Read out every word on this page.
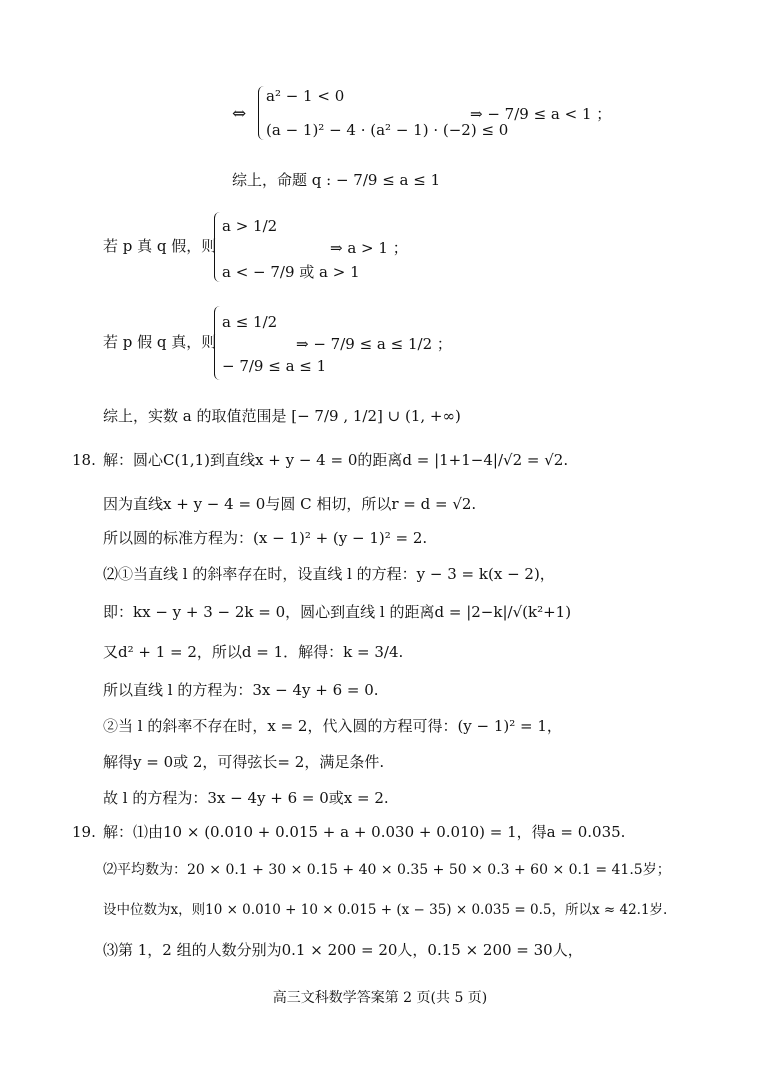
⇔
a² − 1 < 0
(a − 1)² − 4 · (a² − 1) · (−2) ≤ 0
⇒ − 7/9 ≤ a < 1 ；
综上，命题 q : − 7/9 ≤ a ≤ 1
若 p 真 q 假，则
a > 1/2
a < − 7/9 或 a > 1
⇒ a > 1 ；
若 p 假 q 真，则
a ≤ 1/2
− 7/9 ≤ a ≤ 1
⇒ − 7/9 ≤ a ≤ 1/2 ；
综上，实数 a 的取值范围是 [− 7/9 , 1/2] ∪ (1, +∞)
18. 解：圆心C(1,1)到直线x + y − 4 = 0的距离d = |1+1−4|/√2 = √2.
因为直线x + y − 4 = 0与圆 C 相切，所以r = d = √2.
所以圆的标准方程为：(x − 1)² + (y − 1)² = 2.
⑵①当直线 l 的斜率存在时，设直线 l 的方程：y − 3 = k(x − 2)，
即：kx − y + 3 − 2k = 0，圆心到直线 l 的距离d = |2−k|/√(k²+1)
又d² + 1 = 2，所以d = 1．解得：k = 3/4.
所以直线 l 的方程为：3x − 4y + 6 = 0.
②当 l 的斜率不存在时，x = 2，代入圆的方程可得：(y − 1)² = 1，
解得y = 0或 2，可得弦长= 2，满足条件.
故 l 的方程为：3x − 4y + 6 = 0或x = 2.
19. 解：⑴由10 × (0.010 + 0.015 + a + 0.030 + 0.010) = 1，得a = 0.035.
⑵平均数为：20 × 0.1 + 30 × 0.15 + 40 × 0.35 + 50 × 0.3 + 60 × 0.1 = 41.5岁；
设中位数为x，则10 × 0.010 + 10 × 0.015 + (x − 35) × 0.035 = 0.5，所以x ≈ 42.1岁.
⑶第 1，2 组的人数分别为0.1 × 200 = 20人，0.15 × 200 = 30人，
高三文科数学答案第 2 页(共 5 页)
